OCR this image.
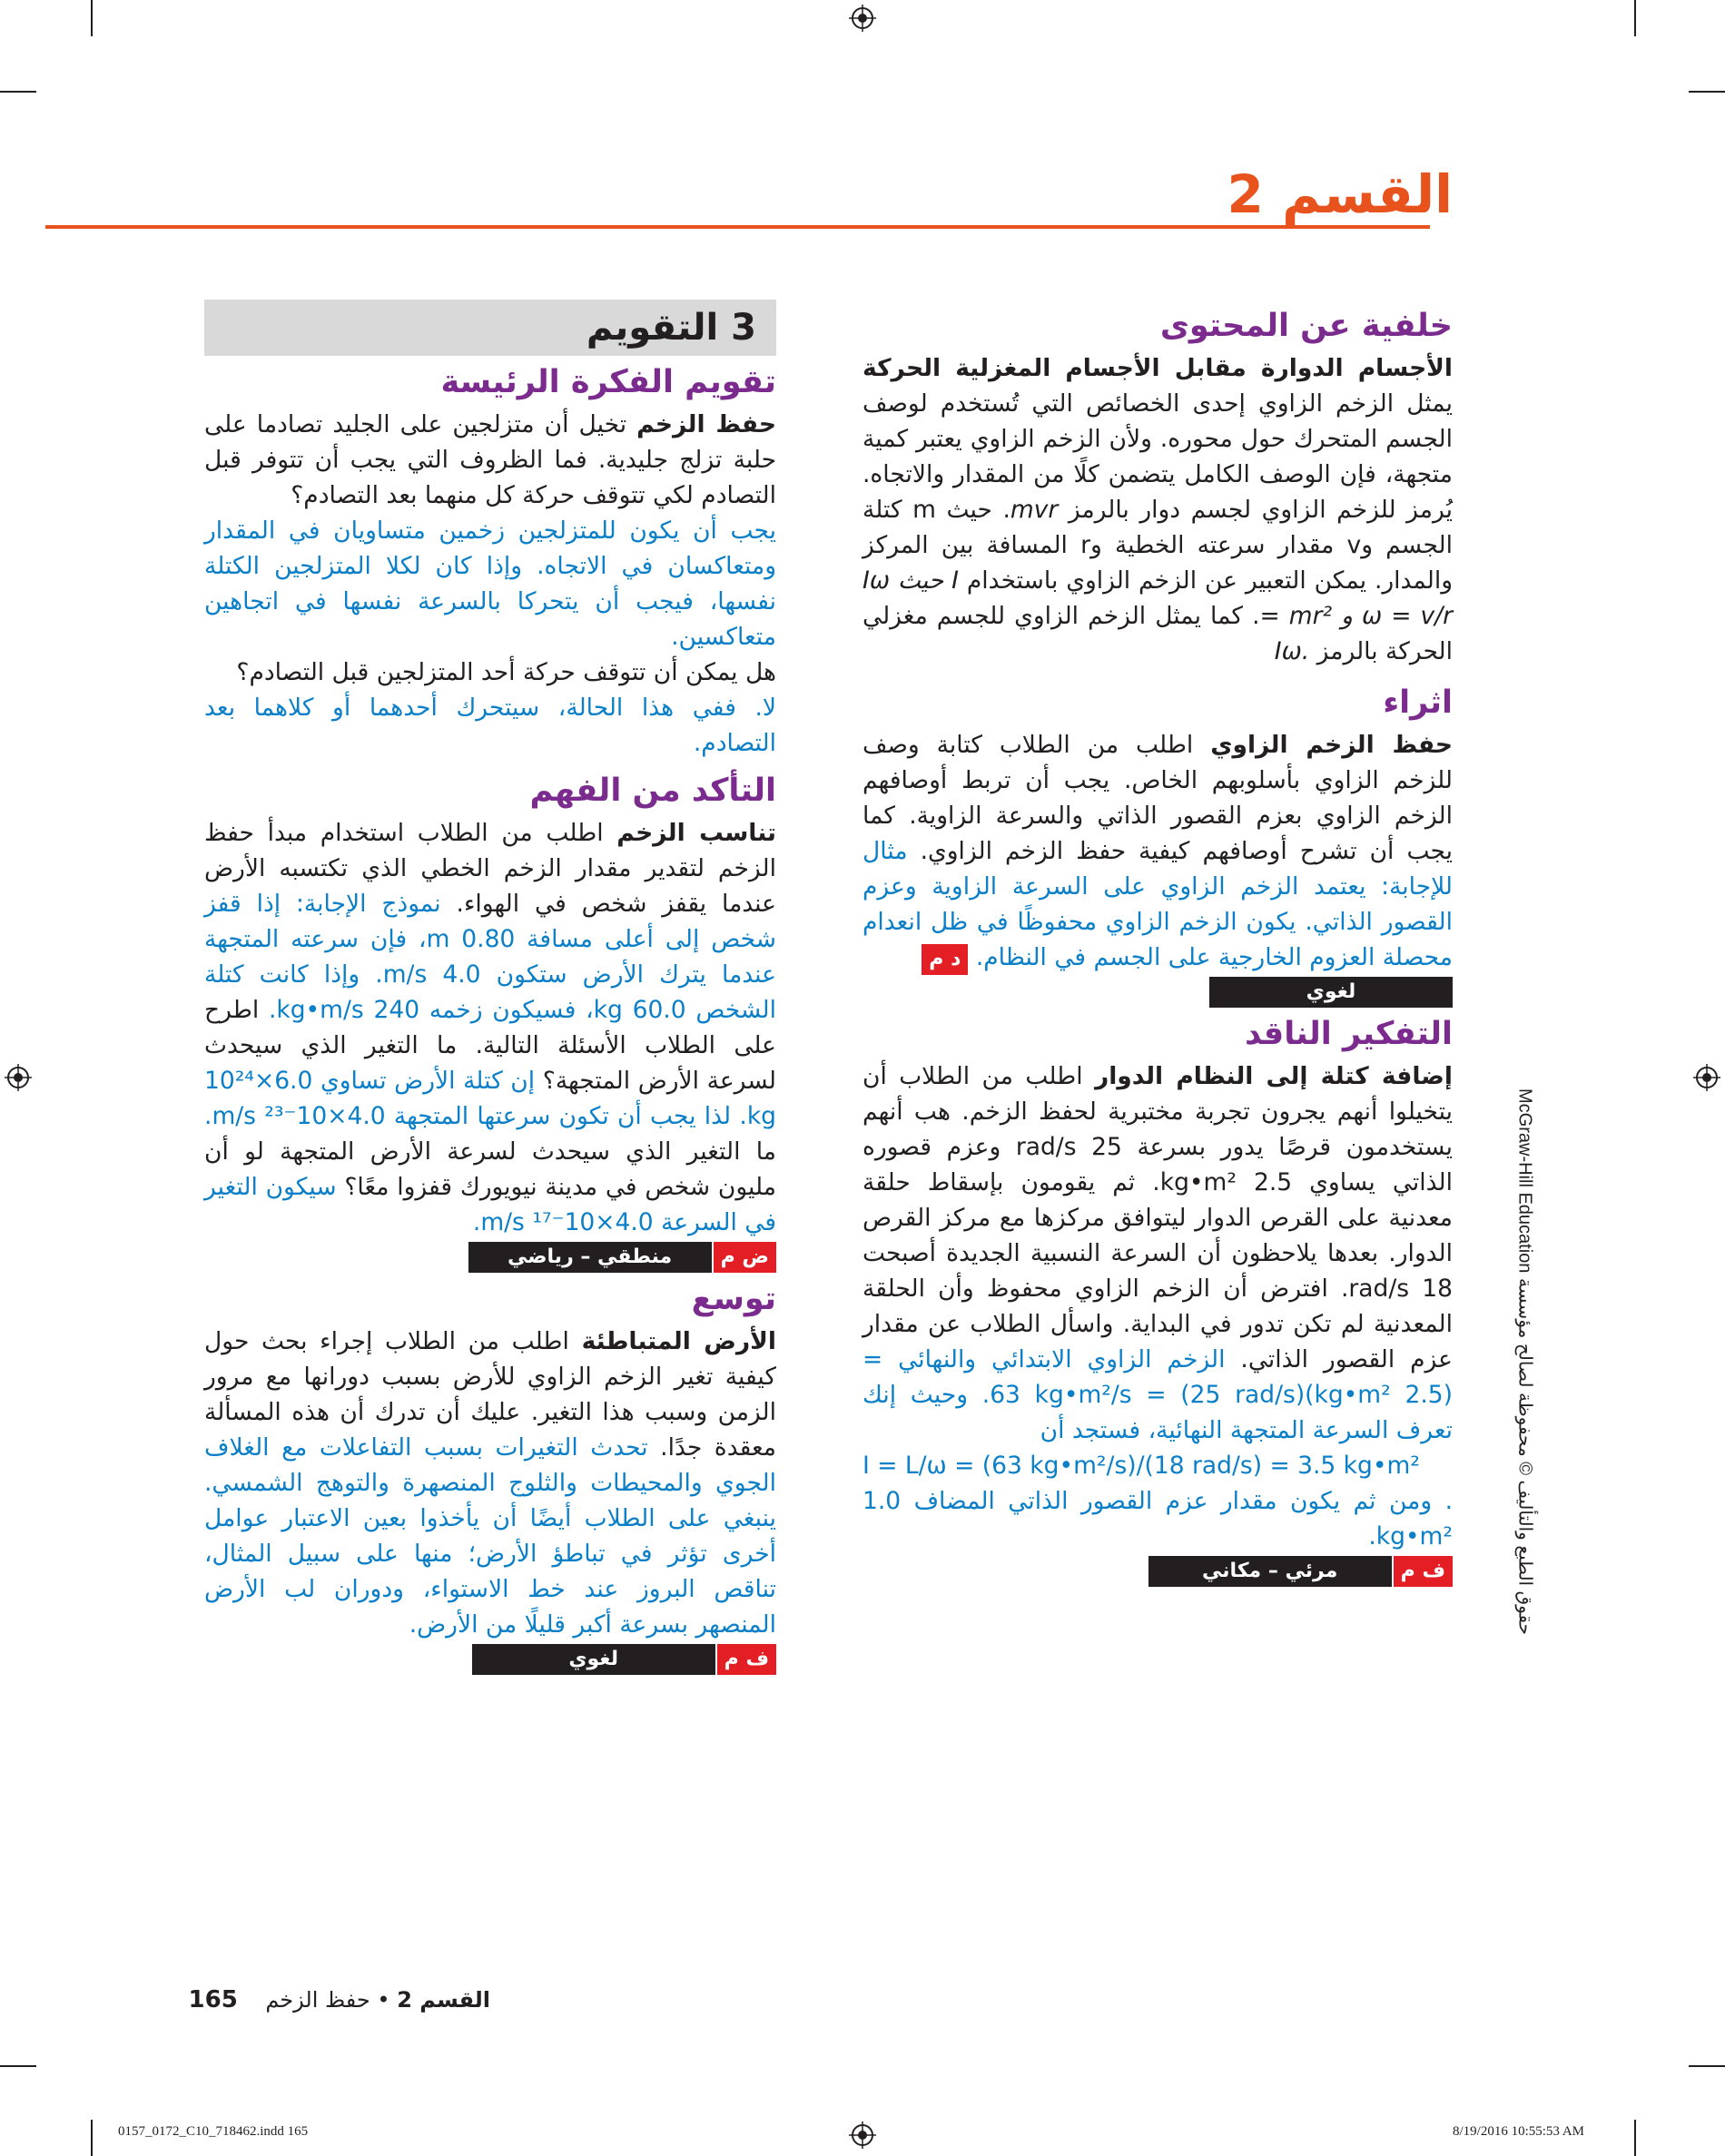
القسم 2
خلفية عن المحتوى

الأجسام الدوارة مقابل الأجسام المغزلية الحركة يمثل الزخم الزاوي إحدى الخصائص التي تُستخدم لوصف الجسم المتحرك حول محوره. ولأن الزخم الزاوي يعتبر كمية متجهة، فإن الوصف الكامل يتضمن كلًا من المقدار والاتجاه. يُرمز للزخم الزاوي لجسم دوار بالرمز mvr. حيث m كتلة الجسم وv مقدار سرعته الخطية وr المسافة بين المركز والمدار. يمكن التعبير عن الزخم الزاوي باستخدام Iω حيث I = mr² و ω = v/r. كما يمثل الزخم الزاوي للجسم مغزلي الحركة بالرمز Iω.

اثراء

حفظ الزخم الزاوي اطلب من الطلاب كتابة وصف للزخم الزاوي بأسلوبهم الخاص. يجب أن تربط أوصافهم الزخم الزاوي بعزم القصور الذاتي والسرعة الزاوية. كما يجب أن تشرح أوصافهم كيفية حفظ الزخم الزاوي. مثال للإجابة: يعتمد الزخم الزاوي على السرعة الزاوية وعزم القصور الذاتي. يكون الزخم الزاوي محفوظًا في ظل انعدام محصلة العزوم الخارجية على الجسم في النظام. د م

لغوي
التفكير الناقد

إضافة كتلة إلى النظام الدوار اطلب من الطلاب أن يتخيلوا أنهم يجرون تجربة مختبرية لحفظ الزخم. هب أنهم يستخدمون قرصًا يدور بسرعة 25 rad/s وعزم قصوره الذاتي يساوي 2.5 kg•m². ثم يقومون بإسقاط حلقة معدنية على القرص الدوار ليتوافق مركزها مع مركز القرص الدوار. بعدها يلاحظون أن السرعة النسبية الجديدة أصبحت 18 rad/s. افترض أن الزخم الزاوي محفوظ وأن الحلقة المعدنية لم تكن تدور في البداية. واسأل الطلاب عن مقدار عزم القصور الذاتي. الزخم الزاوي الابتدائي والنهائي = (2.5 kg•m²)(25 rad/s) = 63 kg•m²/s. وحيث إنك تعرف السرعة المتجهة النهائية، فستجد أن

I = L/ω = (63 kg•m²/s)/(18 rad/s) = 3.5 kg•m²

. ومن ثم يكون مقدار عزم القصور الذاتي المضاف 1.0 kg•m².

ف م
مرئي – مكاني
3 التقويم
تقويم الفكرة الرئيسة

حفظ الزخم تخيل أن متزلجين على الجليد تصادما على حلبة تزلج جليدية. فما الظروف التي يجب أن تتوفر قبل التصادم لكي تتوقف حركة كل منهما بعد التصادم؟

يجب أن يكون للمتزلجين زخمين متساويان في المقدار ومتعاكسان في الاتجاه. وإذا كان لكلا المتزلجين الكتلة نفسها، فيجب أن يتحركا بالسرعة نفسها في اتجاهين متعاكسين.

هل يمكن أن تتوقف حركة أحد المتزلجين قبل التصادم؟

لا. ففي هذا الحالة، سيتحرك أحدهما أو كلاهما بعد التصادم.

التأكد من الفهم

تناسب الزخم اطلب من الطلاب استخدام مبدأ حفظ الزخم لتقدير مقدار الزخم الخطي الذي تكتسبه الأرض عندما يقفز شخص في الهواء. نموذج الإجابة: إذا قفز شخص إلى أعلى مسافة 0.80 m، فإن سرعته المتجهة عندما يترك الأرض ستكون 4.0 m/s. وإذا كانت كتلة الشخص 60.0 kg، فسيكون زخمه 240 kg•m/s. اطرح على الطلاب الأسئلة التالية. ما التغير الذي سيحدث لسرعة الأرض المتجهة؟ إن كتلة الأرض تساوي 6.0×10²⁴ kg. لذا يجب أن تكون سرعتها المتجهة 4.0×10⁻²³ m/s. ما التغير الذي سيحدث لسرعة الأرض المتجهة لو أن مليون شخص في مدينة نيويورك قفزوا معًا؟ سيكون التغير في السرعة 4.0×10⁻¹⁷ m/s.

ض م
منطقي – رياضي
توسع

الأرض المتباطئة اطلب من الطلاب إجراء بحث حول كيفية تغير الزخم الزاوي للأرض بسبب دورانها مع مرور الزمن وسبب هذا التغير. عليك أن تدرك أن هذه المسألة معقدة جدًا. تحدث التغيرات بسبب التفاعلات مع الغلاف الجوي والمحيطات والثلوج المنصهرة والتوهج الشمسي. ينبغي على الطلاب أيضًا أن يأخذوا بعين الاعتبار عوامل أخرى تؤثر في تباطؤ الأرض؛ منها على سبيل المثال، تناقص البروز عند خط الاستواء، ودوران لب الأرض المنصهر بسرعة أكبر قليلًا من الأرض.

ف م
لغوي
القسم 2 • حفظ الزخم    165
حقوق الطبع والتأليف © محفوظة لصالح مؤسسة McGraw-Hill Education
0157_0172_C10_718462.indd 165	8/19/2016 10:55:53 AM
